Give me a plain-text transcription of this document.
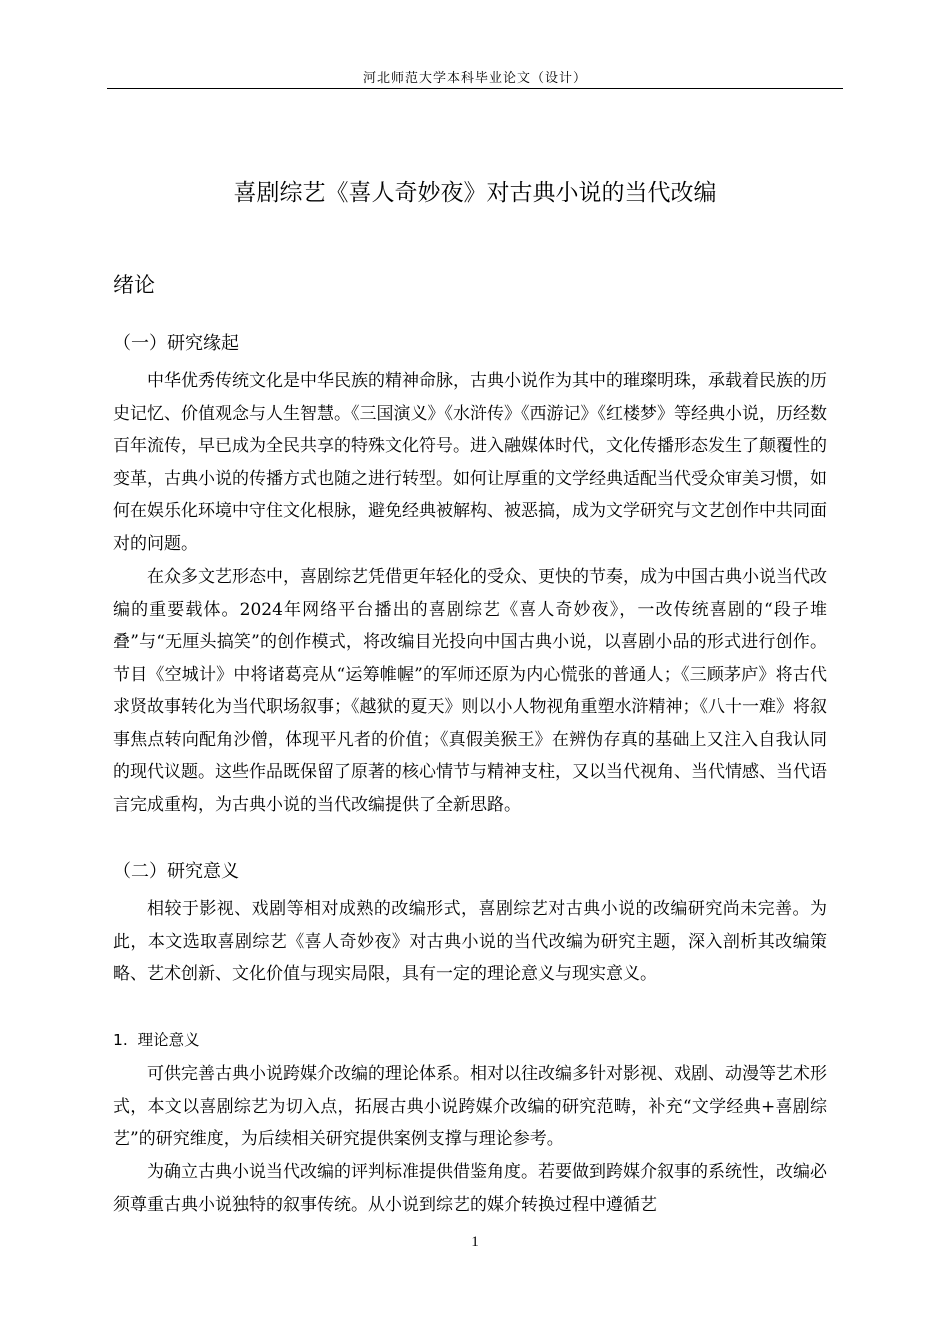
河北师范大学本科毕业论文（设计）
喜剧综艺《喜人奇妙夜》对古典小说的当代改编
绪论
（一）研究缘起

中华优秀传统文化是中华民族的精神命脉，古典小说作为其中的璀璨明珠，承载着民族的历史记忆、价值观念与人生智慧。《三国演义》《水浒传》《西游记》《红楼梦》等经典小说，历经数百年流传，早已成为全民共享的特殊文化符号。进入融媒体时代，文化传播形态发生了颠覆性的变革，古典小说的传播方式也随之进行转型。如何让厚重的文学经典适配当代受众审美习惯，如何在娱乐化环境中守住文化根脉，避免经典被解构、被恶搞，成为文学研究与文艺创作中共同面对的问题。

在众多文艺形态中，喜剧综艺凭借更年轻化的受众、更快的节奏，成为中国古典小说当代改编的重要载体。2024年网络平台播出的喜剧综艺《喜人奇妙夜》，一改传统喜剧的“段子堆叠”与“无厘头搞笑”的创作模式，将改编目光投向中国古典小说，以喜剧小品的形式进行创作。节目《空城计》中将诸葛亮从“运筹帷幄”的军师还原为内心慌张的普通人；《三顾茅庐》将古代求贤故事转化为当代职场叙事；《越狱的夏天》则以小人物视角重塑水浒精神；《八十一难》将叙事焦点转向配角沙僧，体现平凡者的价值；《真假美猴王》在辨伪存真的基础上又注入自我认同的现代议题。这些作品既保留了原著的核心情节与精神支柱，又以当代视角、当代情感、当代语言完成重构，为古典小说的当代改编提供了全新思路。

（二）研究意义

相较于影视、戏剧等相对成熟的改编形式，喜剧综艺对古典小说的改编研究尚未完善。为此，本文选取喜剧综艺《喜人奇妙夜》对古典小说的当代改编为研究主题，深入剖析其改编策略、艺术创新、文化价值与现实局限，具有一定的理论意义与现实意义。

1.  理论意义

可供完善古典小说跨媒介改编的理论体系。相对以往改编多针对影视、戏剧、动漫等艺术形式，本文以喜剧综艺为切入点，拓展古典小说跨媒介改编的研究范畴，补充“文学经典+喜剧综艺”的研究维度，为后续相关研究提供案例支撑与理论参考。

为确立古典小说当代改编的评判标准提供借鉴角度。若要做到跨媒介叙事的系统性，改编必须尊重古典小说独特的叙事传统。从小说到综艺的媒介转换过程中遵循艺

1
